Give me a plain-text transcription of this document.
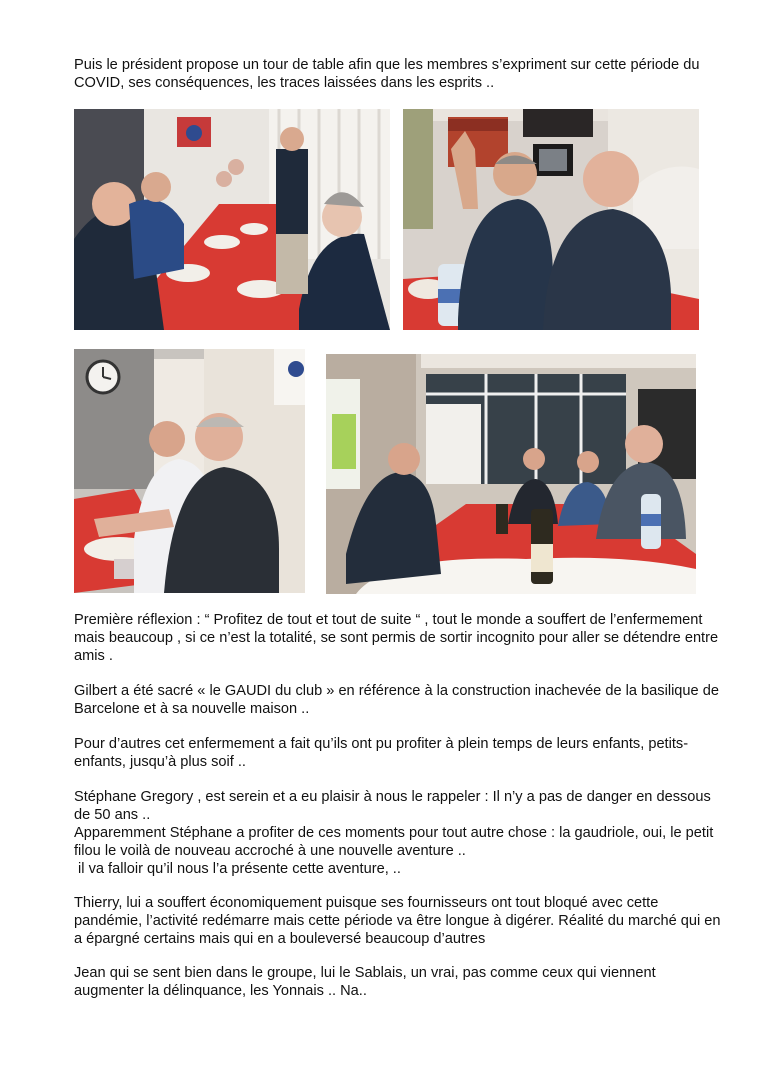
Puis le président propose un tour de table afin que les membres s’expriment sur cette période du COVID, ses conséquences, les traces laissées dans les esprits ..

Première réflexion : “ Profitez de tout et tout de suite “ , tout le monde a souffert de l’enfermement mais beaucoup , si ce n’est la totalité, se sont permis de sortir incognito pour aller se détendre entre amis .

Gilbert a été sacré « le GAUDI du club » en référence à la construction inachevée de la basilique de Barcelone et à sa nouvelle maison ..

Pour d’autres cet enfermement a fait qu’ils ont pu profiter à plein temps de leurs enfants, petits-enfants, jusqu’à plus soif ..

Stéphane Gregory , est serein et a eu plaisir à nous le rappeler : Il n’y a pas de danger en dessous de 50 ans ..
Apparemment Stéphane a profiter de ces moments pour tout autre chose : la gaudriole, oui, le petit filou le voilà de nouveau accroché à une nouvelle aventure ..
il va falloir qu’il nous l’a présente cette aventure, ..

Thierry, lui a souffert économiquement puisque ses fournisseurs ont tout bloqué avec cette pandémie, l’activité redémarre mais cette période va être longue à digérer. Réalité du marché qui en a épargné certains mais qui en a bouleversé beaucoup d’autres

Jean qui se sent bien dans le groupe, lui le Sablais, un vrai, pas comme ceux qui viennent augmenter la délinquance, les Yonnais .. Na..
